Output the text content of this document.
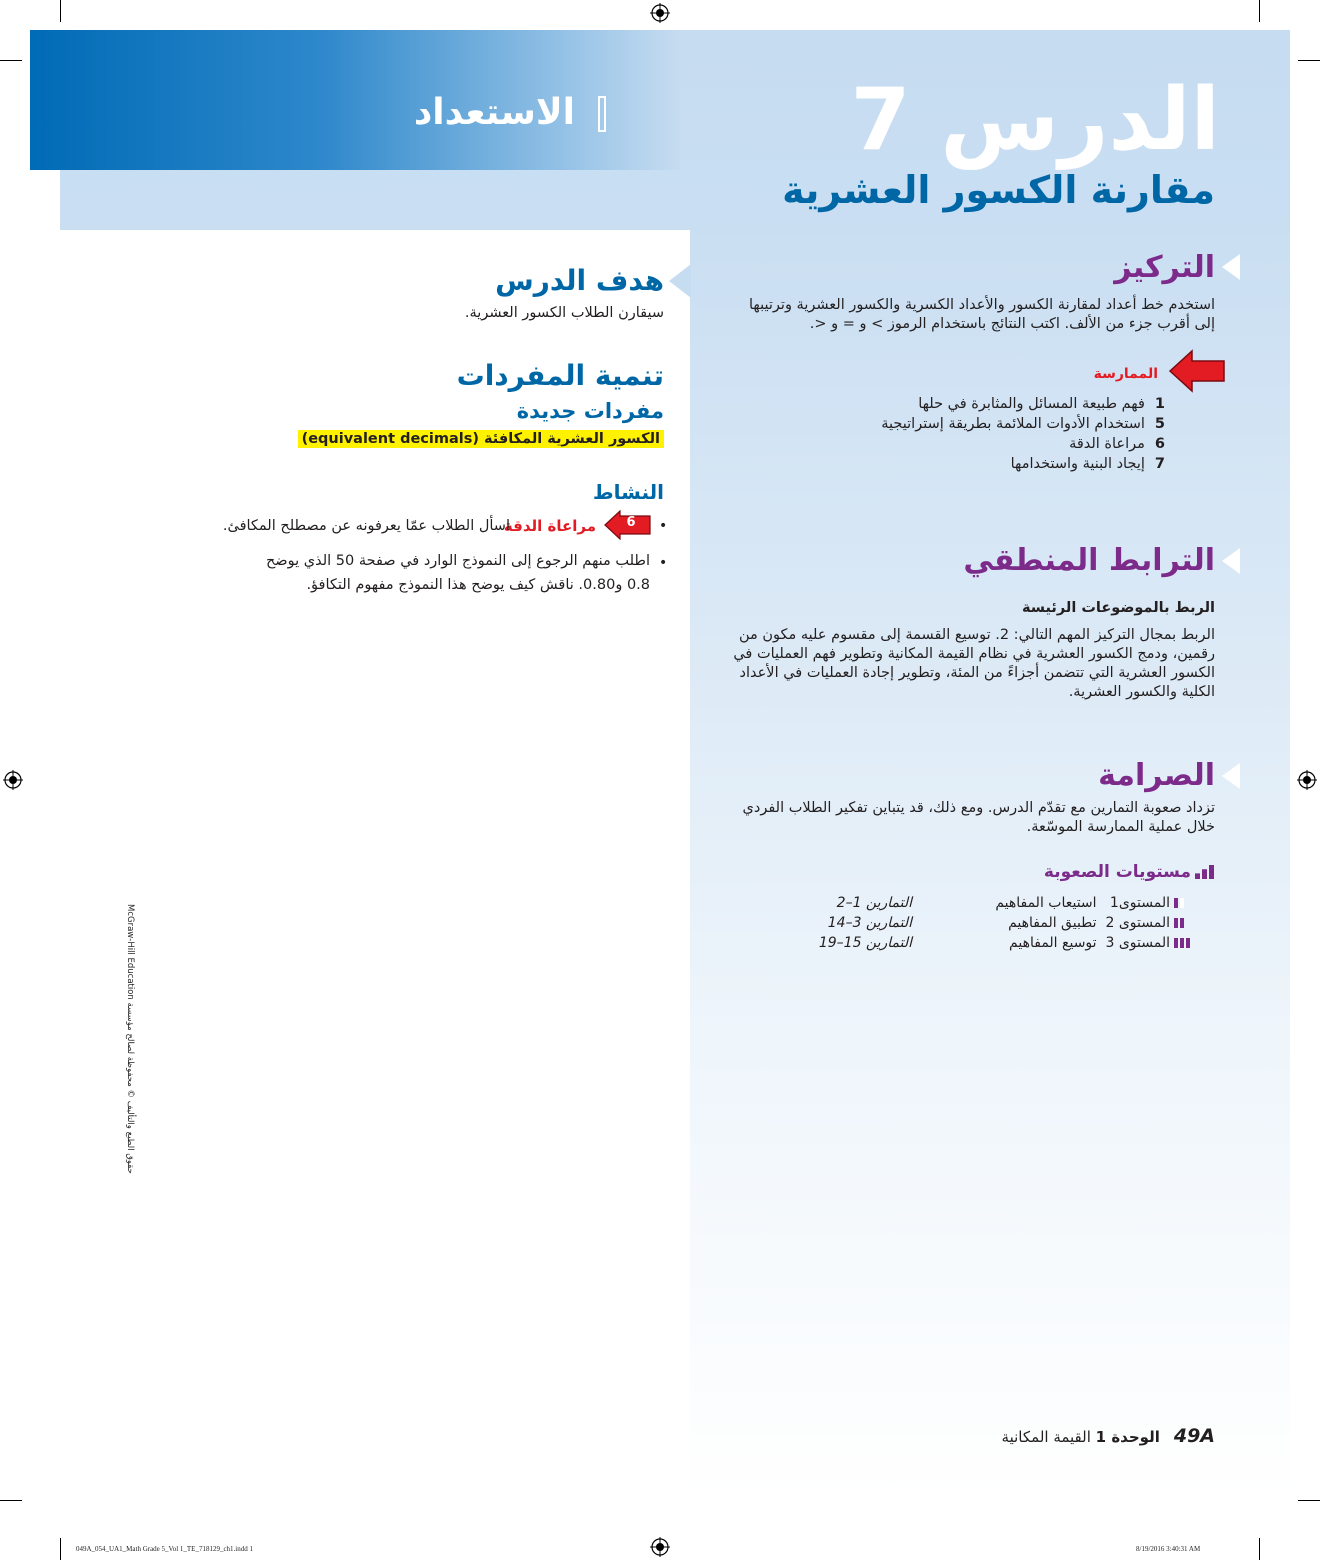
الاستعداد	الدرس 7
مقارنة الكسور العشرية
التركيز
استخدم خط أعداد لمقارنة الكسور والأعداد الكسرية والكسور العشرية وترتيبها إلى أقرب جزء من الألف. اكتب النتائج باستخدام الرموز > و = و <.
الممارسة
1فهم طبيعة المسائل والمثابرة في حلها
5استخدام الأدوات الملائمة بطريقة إستراتيجية
6مراعاة الدقة
7إيجاد البنية واستخدامها
الترابط المنطقي
الربط بالموضوعات الرئيسة
الربط بمجال التركيز المهم التالي: 2. توسيع القسمة إلى مقسوم عليه مكون من رقمين، ودمج الكسور العشرية في نظام القيمة المكانية وتطوير فهم العمليات في الكسور العشرية التي تتضمن أجزاءً من المئة، وتطوير إجادة العمليات في الأعداد الكلية والكسور العشرية.
الصرامة
تزداد صعوبة التمارين مع تقدّم الدرس. ومع ذلك، قد يتباين تفكير الطلاب الفردي خلال عملية الممارسة الموسّعة.
مستويات الصعوبة
المستوى1   استيعاب المفاهيم
التمارين 1–2
المستوى 2  تطبيق المفاهيم
التمارين 3–14
المستوى 3  توسيع المفاهيم
التمارين 15–19
هدف الدرس
سيقارن الطلاب الكسور العشرية.
تنمية المفردات
مفردات جديدة
الكسور العشرية المكافئة (equivalent decimals)
النشاط
•
6
مراعاة الدقة
اسأل الطلاب عمّا يعرفونه عن مصطلح المكافئ.
•
اطلب منهم الرجوع إلى النموذج الوارد في صفحة 50 الذي يوضح
0.8 و0.80. ناقش كيف يوضح هذا النموذج مفهوم التكافؤ.
حقوق الطبع والتأليف © محفوظة لصالح مؤسسة McGraw-Hill Education
49Aالوحدة 1 القيمة المكانية
049A_054_UA1_Math Grade 5_Vol 1_TE_718129_ch1.indd 1	8/19/2016 3:40:31 AM
